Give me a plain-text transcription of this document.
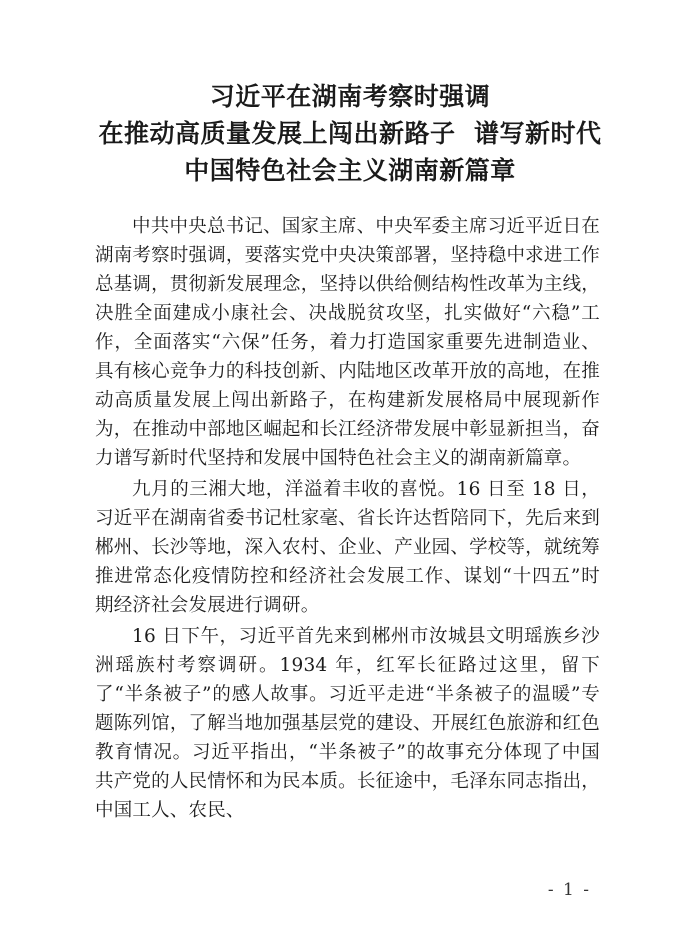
习近平在湖南考察时强调
在推动高质量发展上闯出新路子  谱写新时代
中国特色社会主义湖南新篇章

中共中央总书记、国家主席、中央军委主席习近平近日在湖南考察时强调，要落实党中央决策部署，坚持稳中求进工作总基调，贯彻新发展理念，坚持以供给侧结构性改革为主线，决胜全面建成小康社会、决战脱贫攻坚，扎实做好“六稳”工作，全面落实“六保”任务，着力打造国家重要先进制造业、具有核心竞争力的科技创新、内陆地区改革开放的高地，在推动高质量发展上闯出新路子，在构建新发展格局中展现新作为，在推动中部地区崛起和长江经济带发展中彰显新担当，奋力谱写新时代坚持和发展中国特色社会主义的湖南新篇章。

九月的三湘大地，洋溢着丰收的喜悦。16 日至 18 日，习近平在湖南省委书记杜家毫、省长许达哲陪同下，先后来到郴州、长沙等地，深入农村、企业、产业园、学校等，就统筹推进常态化疫情防控和经济社会发展工作、谋划“十四五”时期经济社会发展进行调研。

16 日下午，习近平首先来到郴州市汝城县文明瑶族乡沙洲瑶族村考察调研。1934 年，红军长征路过这里，留下了“半条被子”的感人故事。习近平走进“半条被子的温暖”专题陈列馆，了解当地加强基层党的建设、开展红色旅游和红色教育情况。习近平指出，“半条被子”的故事充分体现了中国共产党的人民情怀和为民本质。长征途中，毛泽东同志指出，中国工人、农民、

- 1 -
